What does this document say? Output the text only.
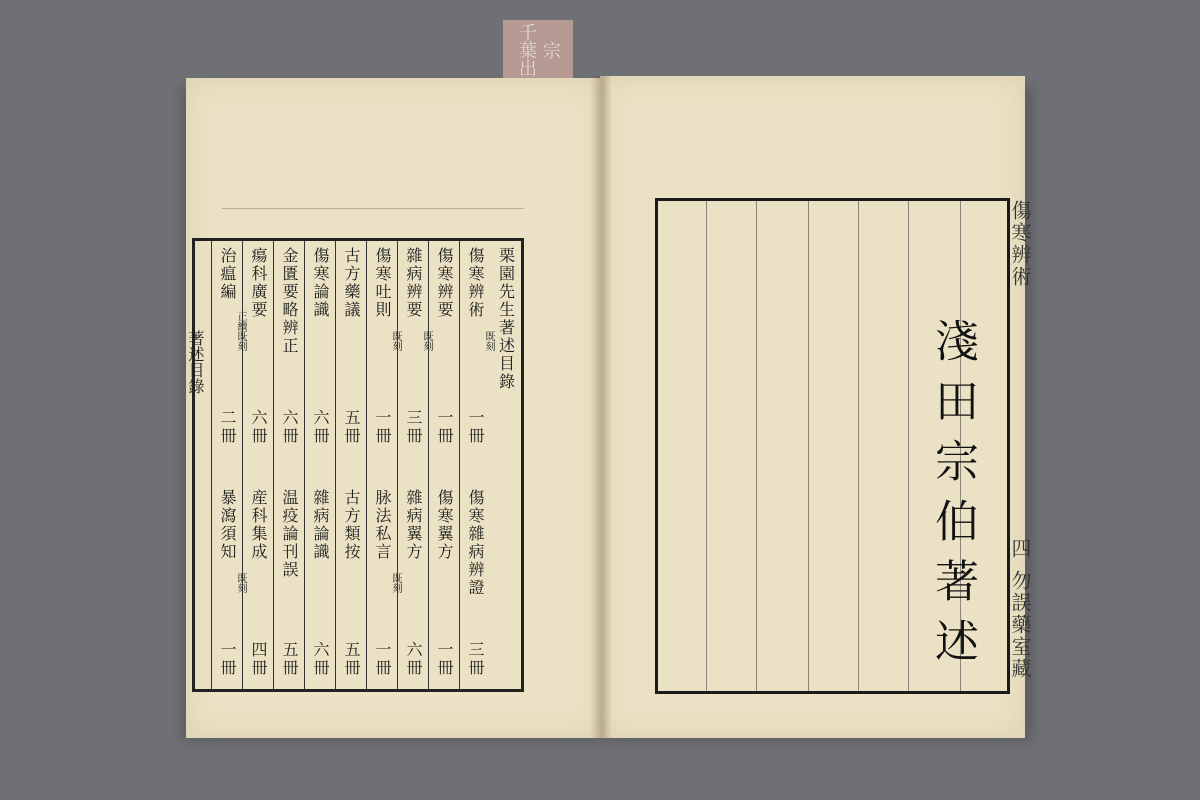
千
葉
出
宗
著述目錄	栗園先生著述目錄
傷寒辨術
既刻
一冊
傷寒雜病辨證
三冊
傷寒辨要
一冊
傷寒翼方
一冊
雜病辨要
既刻
三冊
雜病翼方
六冊
傷寒吐則
既刻
一冊
脉法私言
既刻
一冊
古方藥議
五冊
古方類按
五冊
傷寒論識
六冊
雜病論識
六冊
金匱要略辨正
六冊
温疫論刊誤
五冊
瘍科廣要
六冊
産科集成
四冊
治瘟編
正續既刻
二冊
暴瀉須知
既刻
一冊	淺田宗伯著述
傷寒辨術
四
勿誤藥室藏
